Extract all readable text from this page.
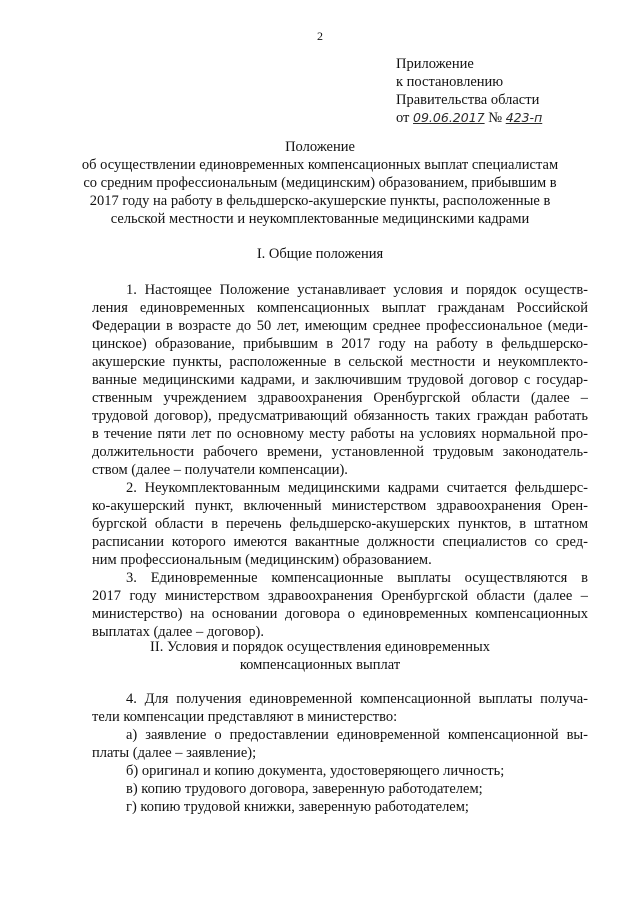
2
Приложение
к постановлению
Правительства области
от 09.06.2017 № 423-п
Положение
об осуществлении единовременных компенсационных выплат специалистам
со средним профессиональным (медицинским) образованием, прибывшим в
2017 году на работу в фельдшерско-акушерские пункты, расположенные в
сельской местности и неукомплектованные медицинскими кадрами
I. Общие положения
1. Настоящее Положение устанавливает условия и порядок осуществ-
ления единовременных компенсационных выплат гражданам Российской
Федерации в возрасте до 50 лет, имеющим среднее профессиональное (меди-
цинское) образование, прибывшим в 2017 году на работу в фельдшерско-
акушерские пункты, расположенные в сельской местности и неукомплекто-
ванные медицинскими кадрами, и заключившим трудовой договор с государ-
ственным учреждением здравоохранения Оренбургской области (далее –
трудовой договор), предусматривающий обязанность таких граждан работать
в течение пяти лет по основному месту работы на условиях нормальной про-
должительности рабочего времени, установленной трудовым законодатель-
ством (далее – получатели компенсации).
2. Неукомплектованным медицинскими кадрами считается фельдшерс-
ко-акушерский пункт, включенный министерством здравоохранения Орен-
бургской области в перечень фельдшерско-акушерских пунктов, в штатном
расписании которого имеются вакантные должности специалистов со сред-
ним профессиональным (медицинским) образованием.
3. Единовременные компенсационные выплаты осуществляются в
2017 году министерством здравоохранения Оренбургской области (далее –
министерство) на основании договора о единовременных компенсационных
выплатах (далее – договор).
II. Условия и порядок осуществления единовременных
компенсационных выплат
4. Для получения единовременной компенсационной выплаты получа-
тели компенсации представляют в министерство:
а) заявление о предоставлении единовременной компенсационной вы-
платы (далее – заявление);
б) оригинал и копию документа, удостоверяющего личность;
в) копию трудового договора, заверенную работодателем;
г) копию трудовой книжки, заверенную работодателем;
